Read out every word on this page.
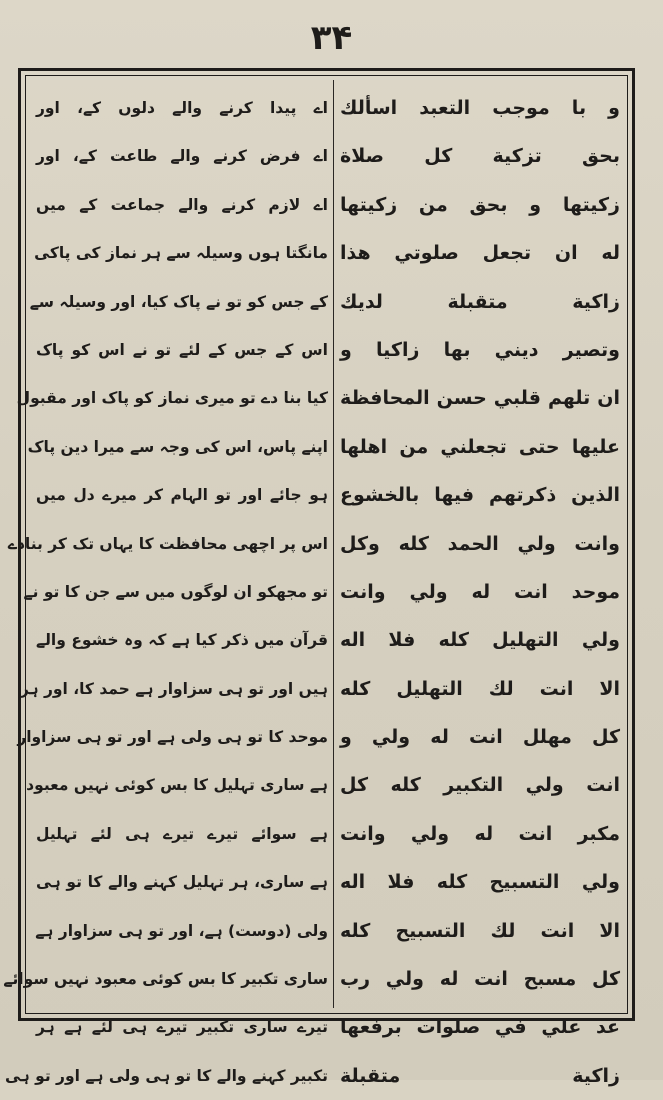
۳۴
و با موجب التعبد اسألك
بحق تزكية كل صلاة
زكيتها و بحق من زكيتها
له ان تجعل صلوتي هذا
زاكية متقبلة لديك
وتصير ديني بها زاكيا و
ان تلهم قلبي حسن المحافظة
عليها حتى تجعلني من اهلها
الذين ذكرتهم فيها بالخشوع
وانت ولي الحمد كله وكل
موحد انت له ولي وانت
ولي التهليل كله فلا اله
الا انت لك التهليل كله
كل مهلل انت له ولي و
انت ولي التكبير كله كل
مكبر انت له ولي وانت
ولي التسبيح كله فلا اله
الا انت لك التسبيح كله
كل مسبح انت له ولي رب
عد علي في صلوات برفعها
زاكية متقبلة
اے پیدا کرنے والے دلوں کے، اور
اے فرض کرنے والے طاعت کے، اور
اے لازم کرنے والے جماعت کے میں
مانگتا ہوں وسیلہ سے ہر نماز کی پاکی
کے جس کو تو نے پاک کیا، اور وسیلہ سے
اس کے جس کے لئے تو نے اس کو پاک
کیا بنا دے تو میری نماز کو پاک اور مقبول
اپنے پاس، اس کی وجہ سے میرا دین پاک
ہو جائے اور تو الہام کر میرے دل میں
اس پر اچھی محافظت کا یہاں تک کر بنادے
تو مجھکو ان لوگوں میں سے جن کا تو نے
قرآن میں ذکر کیا ہے کہ وہ خشوع والے
ہیں اور تو ہی سزاوار ہے حمد کا، اور ہر
موحد کا تو ہی ولی ہے اور تو ہی سزاوار
ہے ساری تہلیل کا بس کوئی نہیں معبود
ہے سوائے تیرے تیرے ہی لئے تہلیل
ہے ساری، ہر تہلیل کہنے والے کا تو ہی
ولی (دوست) ہے، اور تو ہی سزاوار ہے
ساری تکبیر کا بس کوئی معبود نہیں سوائے
تیرے ساری تکبیر تیرے ہی لئے ہے ہر
تکبیر کہنے والے کا تو ہی ولی ہے اور تو ہی
